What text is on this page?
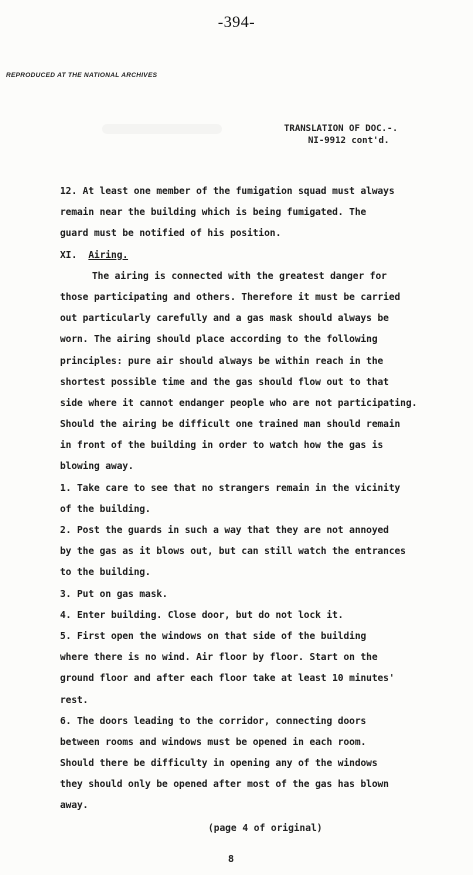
-394-
REPRODUCED AT THE NATIONAL ARCHIVES
TRANSLATION OF DOC.-.
NI-9912 cont'd.
12. At least one member of the fumigation squad must always
remain near the building which is being fumigated. The
guard must be notified of his position.
XI. Airing.
The airing is connected with the greatest danger for
those participating and others. Therefore it must be carried
out particularly carefully and a gas mask should always be
worn. The airing should place according to the following
principles: pure air should always be within reach in the
shortest possible time and the gas should flow out to that
side where it cannot endanger people who are not participating.
Should the airing be difficult one trained man should remain
in front of the building in order to watch how the gas is
blowing away.
1. Take care to see that no strangers remain in the vicinity
of the building.
2. Post the guards in such a way that they are not annoyed
by the gas as it blows out, but can still watch the entrances
to the building.
3. Put on gas mask.
4. Enter building. Close door, but do not lock it.
5. First open the windows on that side of the building
where there is no wind. Air floor by floor. Start on the
ground floor and after each floor take at least 10 minutes'
rest.
6. The doors leading to the corridor, connecting doors
between rooms and windows must be opened in each room.
Should there be difficulty in opening any of the windows
they should only be opened after most of the gas has blown
away.
(page 4 of original)
8
